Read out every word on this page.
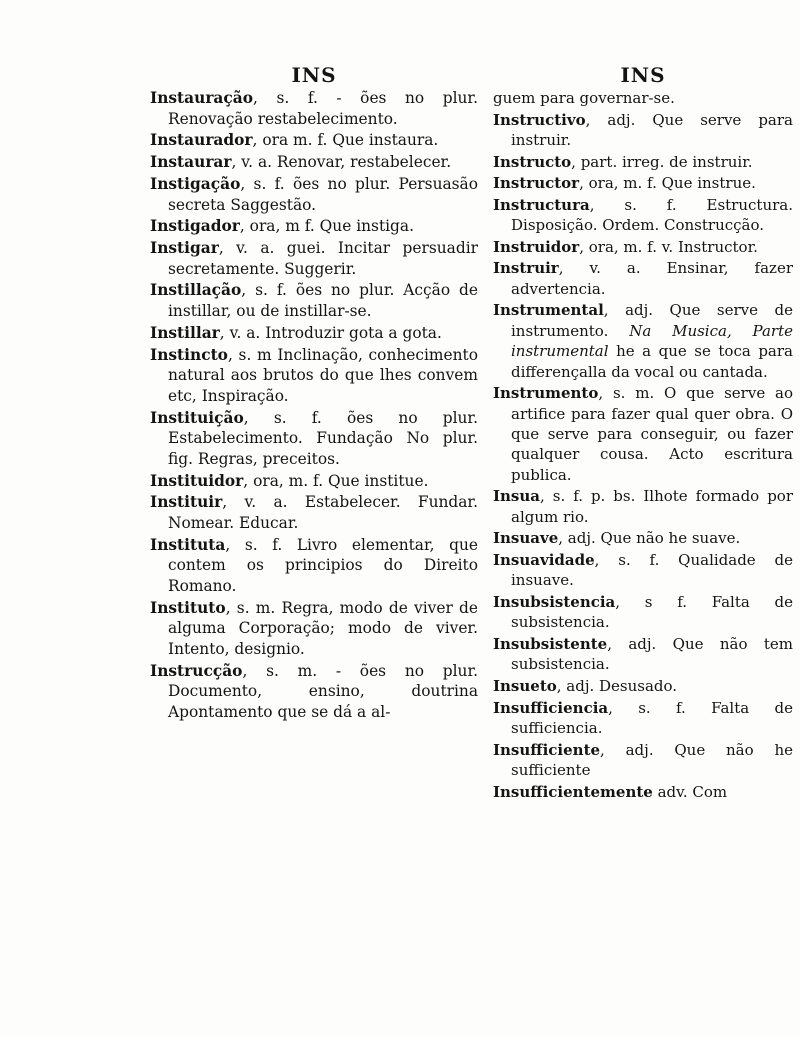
INS
Instauração, s. f. - ões no plur. Renovação restabelecimento.
Instaurador, ora m. f. Que instaura.
Instaurar, v. a. Renovar, restabelecer.
Instigação, s. f. ões no plur. Persuasão secreta Saggestão.
Instigador, ora, m f. Que instiga.
Instigar, v. a. guei. Incitar persuadir secretamente. Suggerir.
Instillação, s. f. ões no plur. Acção de instillar, ou de instillar-se.
Instillar, v. a. Introduzir gota a gota.
Instincto, s. m Inclinação, conhecimento natural aos brutos do que lhes convem etc, Inspiração.
Instituição, s. f. ões no plur. Estabelecimento. Fundação No plur. fig. Regras, preceitos.
Instituidor, ora, m. f. Que institue.
Instituir, v. a. Estabelecer. Fundar. Nomear. Educar.
Instituta, s. f. Livro elementar, que contem os principios do Direito Romano.
Instituto, s. m. Regra, modo de viver de alguma Corporação; modo de viver. Intento, designio.
Instrucção, s. m. - ões no plur. Documento, ensino, doutrina Apontamento que se dá a al-
INS
guem para governar-se.
Instructivo, adj. Que serve para instruir.
Instructo, part. irreg. de instruir.
Instructor, ora, m. f. Que instrue.
Instructura, s. f. Estructura. Disposição. Ordem. Construcção.
Instruidor, ora, m. f. v. Instructor.
Instruir, v. a. Ensinar, fazer advertencia.
Instrumental, adj. Que serve de instrumento. Na Musica, Parte instrumental he a que se toca para differençalla da vocal ou cantada.
Instrumento, s. m. O que serve ao artifice para fazer qual quer obra. O que serve para conseguir, ou fazer qualquer cousa. Acto escritura publica.
Insua, s. f. p. bs. Ilhote formado por algum rio.
Insuave, adj. Que não he suave.
Insuavidade, s. f. Qualidade de insuave.
Insubsistencia, s f. Falta de subsistencia.
Insubsistente, adj. Que não tem subsistencia.
Insueto, adj. Desusado.
Insufficiencia, s. f. Falta de sufficiencia.
Insufficiente, adj. Que não he sufficiente
Insufficientemente adv. Com
